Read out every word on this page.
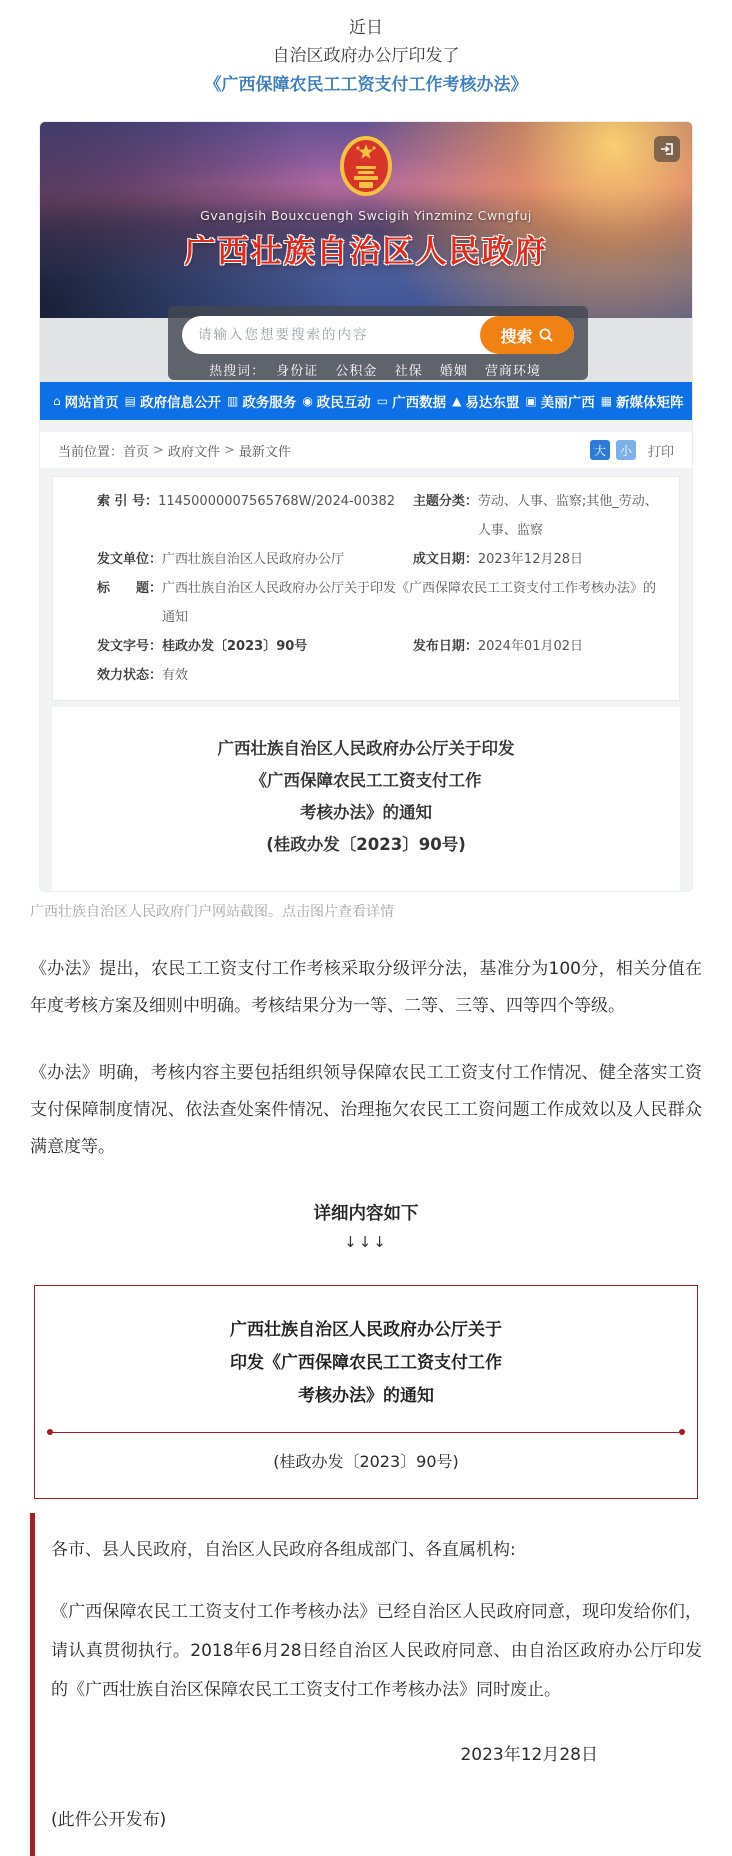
近日
自治区政府办公厅印发了
《广西保障农民工工资支付工作考核办法》
Gvangjsih Bouxcuengh Swcigih Yinzminz Cwngfuj
广西壮族自治区人民政府
请输入您想要搜索的内容
搜索
热搜词： 身份证 公积金 社保 婚姻 营商环境
⌂ 网站首页 ▤ 政府信息公开 ▥ 政务服务 ◉ 政民互动 ▭ 广西数据 ▲ 易达东盟 ▣ 美丽广西 ▦ 新媒体矩阵
当前位置： 首页 > 政府文件 > 最新文件	大	小	打印
索 引 号： 11450000007565768W/2024-00382 主题分类： 劳动、人事、监察;其他_劳动、人事、监察
发文单位： 广西壮族自治区人民政府办公厅	成文日期： 2023年12月28日
标　　题： 广西壮族自治区人民政府办公厅关于印发《广西保障农民工工资支付工作考核办法》的通知
发文字号： 桂政办发〔2023〕90号	发布日期： 2024年01月02日
效力状态： 有效
广西壮族自治区人民政府办公厅关于印发
《广西保障农民工工资支付工作
考核办法》的通知
(桂政办发〔2023〕90号)
广西壮族自治区人民政府门户网站截图。点击图片查看详情

《办法》提出，农民工工资支付工作考核采取分级评分法，基准分为100分，相关分值在年度考核方案及细则中明确。考核结果分为一等、二等、三等、四等四个等级。

《办法》明确，考核内容主要包括组织领导保障农民工工资支付工作情况、健全落实工资支付保障制度情况、依法查处案件情况、治理拖欠农民工工资问题工作成效以及人民群众满意度等。

详细内容如下
↓↓↓
广西壮族自治区人民政府办公厅关于
印发《广西保障农民工工资支付工作
考核办法》的通知
(桂政办发〔2023〕90号)
各市、县人民政府，自治区人民政府各组成部门、各直属机构:
《广西保障农民工工资支付工作考核办法》已经自治区人民政府同意，现印发给你们，请认真贯彻执行。2018年6月28日经自治区人民政府同意、由自治区政府办公厅印发的《广西壮族自治区保障农民工工资支付工作考核办法》同时废止。
2023年12月28日
(此件公开发布)
